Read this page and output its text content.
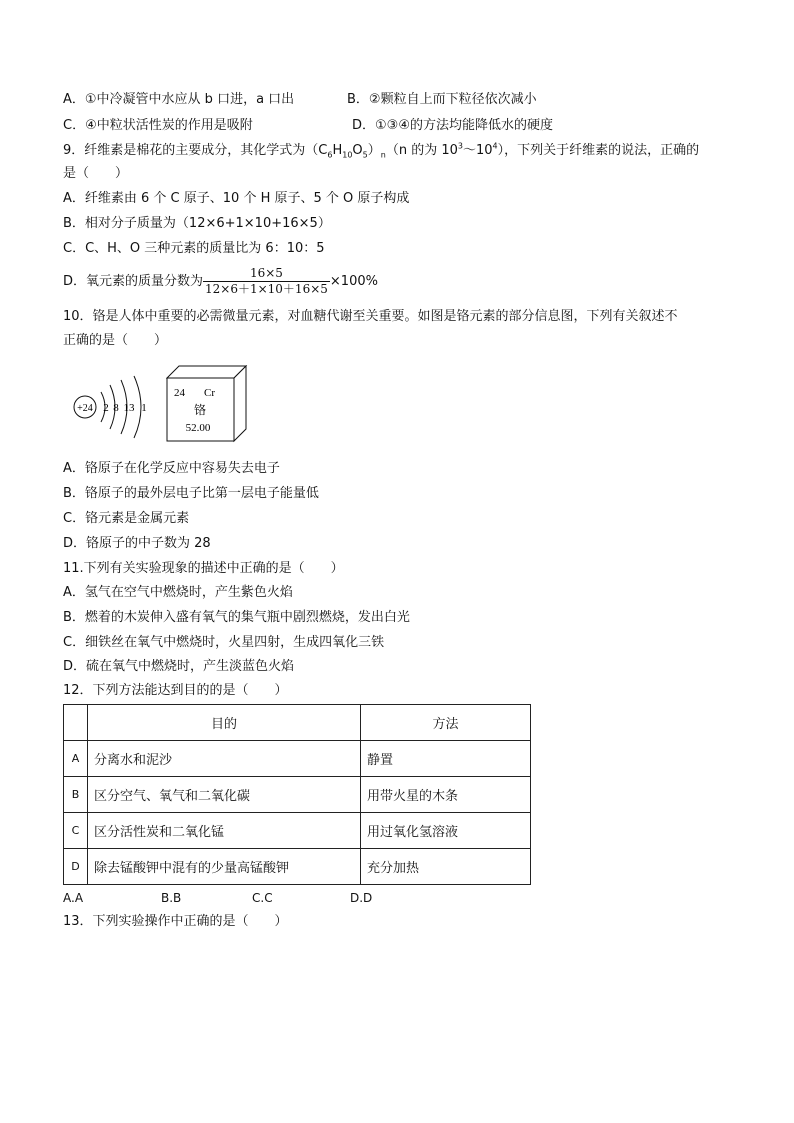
A．①中冷凝管中水应从 b 口进，a 口出	B．②颗粒自上而下粒径依次减小
C．④中粒状活性炭的作用是吸附	D．①③④的方法均能降低水的硬度
9．纤维素是棉花的主要成分，其化学式为$(C_6H_{10}O_5)_n(n$ 的为 $10^3\sim 10^4$），下列关于纤维素的说法，正确的
是（　　）
A．纤维素由 6 个 C 原子、10 个 H 原子、5 个 O 原子构成
B．相对分子质量为（12×6+1×10+16×5）
C．C、H、O 三种元素的质量比为 6：10：5
D．氧元素的质量分数为 $\frac{16\times 5}{12\times 6+1\times 10+16\times 5} \times 100\%$
10．铬是人体中重要的必需微量元素，对血糖代谢至关重要。如图是铬元素的部分信息图，下列有关叙述不
正确的是（　　）
+24 2 8 13 1
24 Cr
铬
52.00
A．铬原子在化学反应中容易失去电子
B．铬原子的最外层电子比第一层电子能量低
C．铬元素是金属元素
D．铬原子的中子数为 28
11.下列有关实验现象的描述中正确的是（　　）
A．氢气在空气中燃烧时，产生紫色火焰
B．燃着的木炭伸入盛有氧气的集气瓶中剧烈燃烧，发出白光
C．细铁丝在氧气中燃烧时，火星四射，生成四氧化三铁
D．硫在氧气中燃烧时，产生淡蓝色火焰
12．下列方法能达到目的的是（　　）
	目的	方法
A	分离水和泥沙	静置
B	区分空气、氧气和二氧化碳	用带火星的木条
C	区分活性炭和二氧化锰	用过氧化氢溶液
D	除去锰酸钾中混有的少量高锰酸钾	充分加热
A.A	B.B	C.C	D.D
13．下列实验操作中正确的是（　　）
